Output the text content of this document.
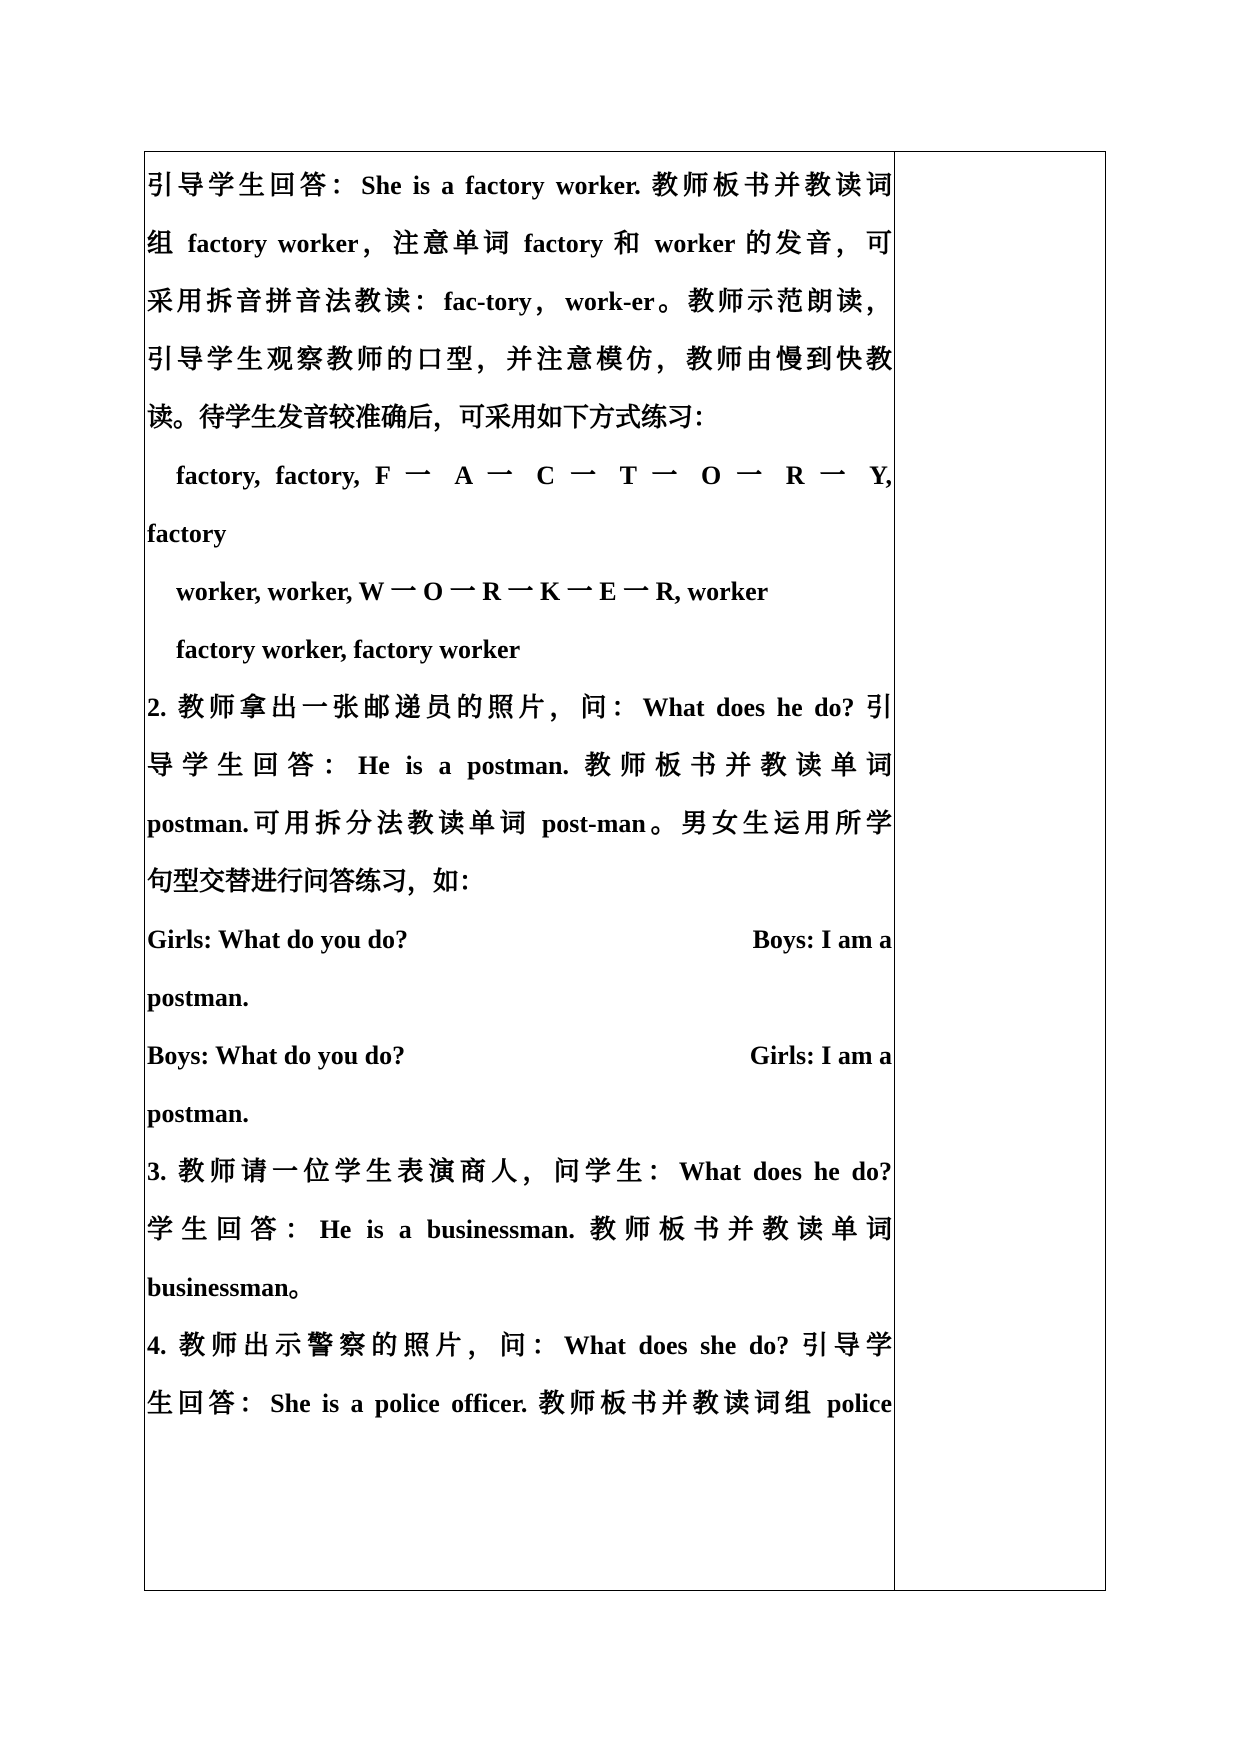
引导学生回答：She is a factory worker. 教师板书并教读词
组 factory worker，注意单词 factory 和 worker 的发音，可
采用拆音拼音法教读：fac-tory，work-er。教师示范朗读，
引导学生观察教师的口型，并注意模仿，教师由慢到快教
读。待学生发音较准确后，可采用如下方式练习：
factory, factory, F 一 A 一 C 一 T 一 O 一 R 一 Y,
factory
worker, worker, W 一 O 一 R 一 K 一 E 一 R, worker
factory worker, factory worker
2. 教师拿出一张邮递员的照片，问：What does he do? 引
导学生回答：He is a postman. 教师板书并教读单词
postman.可用拆分法教读单词 post-man。男女生运用所学
句型交替进行问答练习，如：
Girls: What do you do?	Boys: I am a
postman.
Boys: What do you do?	Girls: I am a
postman.
3. 教师请一位学生表演商人，问学生：What does he do?
学生回答：He is a businessman. 教师板书并教读单词
businessman。
4. 教师出示警察的照片，问：What does she do? 引导学
生回答：She is a police officer. 教师板书并教读词组 police
